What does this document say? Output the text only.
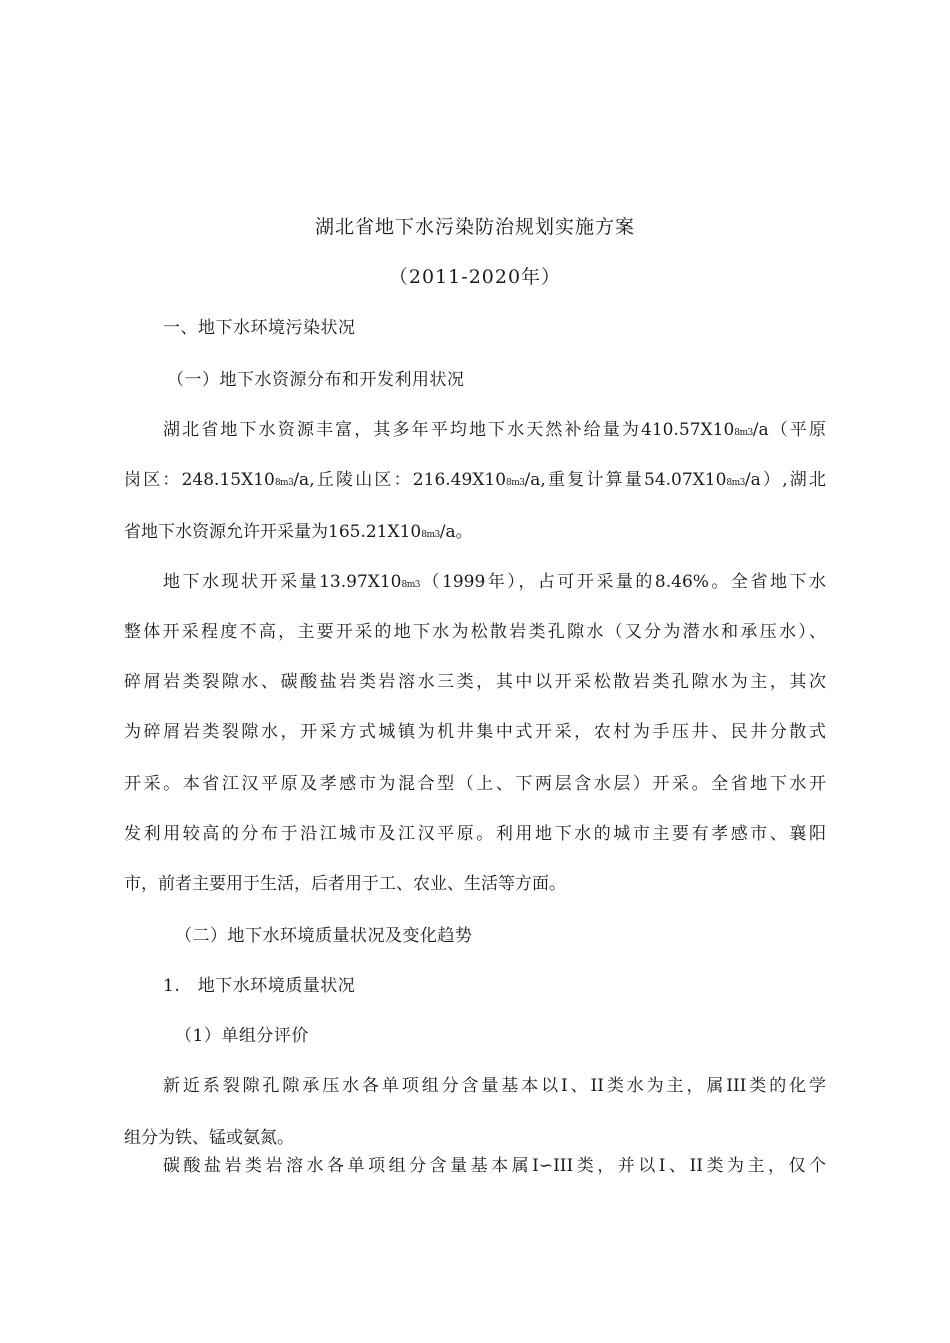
湖北省地下水污染防治规划实施方案
（2011-2020年）
一、地下水环境污染状况
（一）地下水资源分布和开发利用状况
湖北省地下水资源丰富，其多年平均地下水天然补给量为410.57X108m3/a（平原
岗区：248.15X108m3/a,丘陵山区：216.49X108m3/a,重复计算量54.07X108m3/a）,湖北
省地下水资源允许开采量为165.21X108m3/a。
地下水现状开采量13.97X108m3（1999年），占可开采量的8.46%。全省地下水
整体开采程度不高，主要开采的地下水为松散岩类孔隙水（又分为潜水和承压水）、
碎屑岩类裂隙水、碳酸盐岩类岩溶水三类，其中以开采松散岩类孔隙水为主，其次
为碎屑岩类裂隙水，开采方式城镇为机井集中式开采，农村为手压井、民井分散式
开采。本省江汉平原及孝感市为混合型（上、下两层含水层）开采。全省地下水开
发利用较高的分布于沿江城市及江汉平原。利用地下水的城市主要有孝感市、襄阳
市，前者主要用于生活，后者用于工、农业、生活等方面。
（二）地下水环境质量状况及变化趋势
1.　地下水环境质量状况
（1）单组分评价
新近系裂隙孔隙承压水各单项组分含量基本以I、II类水为主，属III类的化学
组分为铁、锰或氨氮。
碳酸盐岩类岩溶水各单项组分含量基本属I∽III类，并以I、II类为主，仅个
